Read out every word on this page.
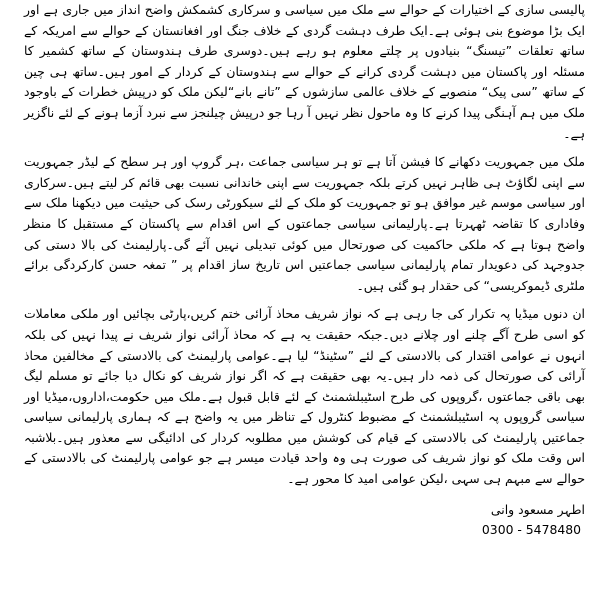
پالیسی سازی کے اختیارات کے حوالے سے ملک میں سیاسی و سرکاری کشمکش واضح انداز میں جاری ہے اور ایک بڑا موضوع بنی ہوئی ہے۔ایک طرف دہشت گردی کے خلاف جنگ اور افغانستان کے حوالے سے امریکہ کے ساتھ تعلقات ”تیسنگ“ بنیادوں پر چلتے معلوم ہو رہے ہیں۔دوسری طرف ہندوستان کے ساتھ کشمیر کا مسئلہ اور پاکستان میں دہشت گردی کرانے کے حوالے سے ہندوستان کے کردار کے امور ہیں۔ساتھ ہی چین کے ساتھ ”سی پیک“ منصوبے کے خلاف عالمی سازشوں کے ”تانے بانے“لیکن ملک کو درپیش خطرات کے باوجود ملک میں ہم آہنگی پیدا کرنے کا وہ ماحول نظر نہیں آ رہا جو درپیش چیلنجز سے نبرد آزما ہونے کے لئے ناگزیر ہے۔

ملک میں جمہوریت دکھانے کا فیشن آتا ہے تو ہر سیاسی جماعت ،ہر گروپ اور ہر سطح کے لیڈر جمہوریت سے اپنی لگاؤٹ ہی ظاہر نہیں کرتے بلکہ جمہوریت سے اپنی خاندانی نسبت بھی قائم کر لیتے ہیں۔سرکاری اور سیاسی موسم غیر موافق ہو تو جمہوریت کو ملک کے لئے سیکورٹی رسک کی حیثیت میں دیکھنا ملک سے وفاداری کا تقاضہ ٹھہرتا ہے۔پارلیمانی سیاسی جماعتوں کے اس اقدام سے پاکستان کے مستقبل کا منظر واضح ہوتا ہے کہ ملکی حاکمیت کی صورتحال میں کوئی تبدیلی نہیں آئے گی۔پارلیمنٹ کی بالا دستی کی جدوجہد کی دعویدار تمام پارلیمانی سیاسی جماعتیں اس تاریخ ساز اقدام پر ” تمغہ حسن کارکردگی برائے ملٹری ڈیموکریسی“ کی حقدار ہو گئی ہیں۔

ان دنوں میڈیا پہ تکرار کی جا رہی ہے کہ نواز شریف محاذ آرائی ختم کریں،پارٹی بچائیں اور ملکی معاملات کو اسی طرح آگے چلنے اور چلانے دیں۔جبکہ حقیقت یہ ہے کہ محاذ آرائی نواز شریف نے پیدا نہیں کی بلکہ انہوں نے عوامی اقتدار کی بالادستی کے لئے ”سٹینڈ“ لیا ہے۔عوامی پارلیمنٹ کی بالادستی کے مخالفین محاذ آرائی کی صورتحال کی ذمہ دار ہیں۔یہ بھی حقیقت ہے کہ اگر نواز شریف کو نکال دیا جائے تو مسلم لیگ بھی باقی جماعتوں ،گروپوں کی طرح اسٹیبلشمنٹ کے لئے قابل قبول ہے۔ملک میں حکومت،اداروں،میڈیا اور سیاسی گروپوں پہ اسٹیبلشمنٹ کے مضبوط کنٹرول کے تناظر میں یہ واضح ہے کہ ہماری پارلیمانی سیاسی جماعتیں پارلیمنٹ کی بالادستی کے قیام کی کوشش میں مطلوبہ کردار کی ادائیگی سے معذور ہیں۔بلاشبہ اس وقت ملک کو نواز شریف کی صورت ہی وہ واحد قیادت میسر ہے جو عوامی پارلیمنٹ کی بالادستی کے حوالے سے مبہم ہی سہی ،لیکن عوامی امید کا محور ہے۔

اطہر مسعود وانی
0300 - 5478480
